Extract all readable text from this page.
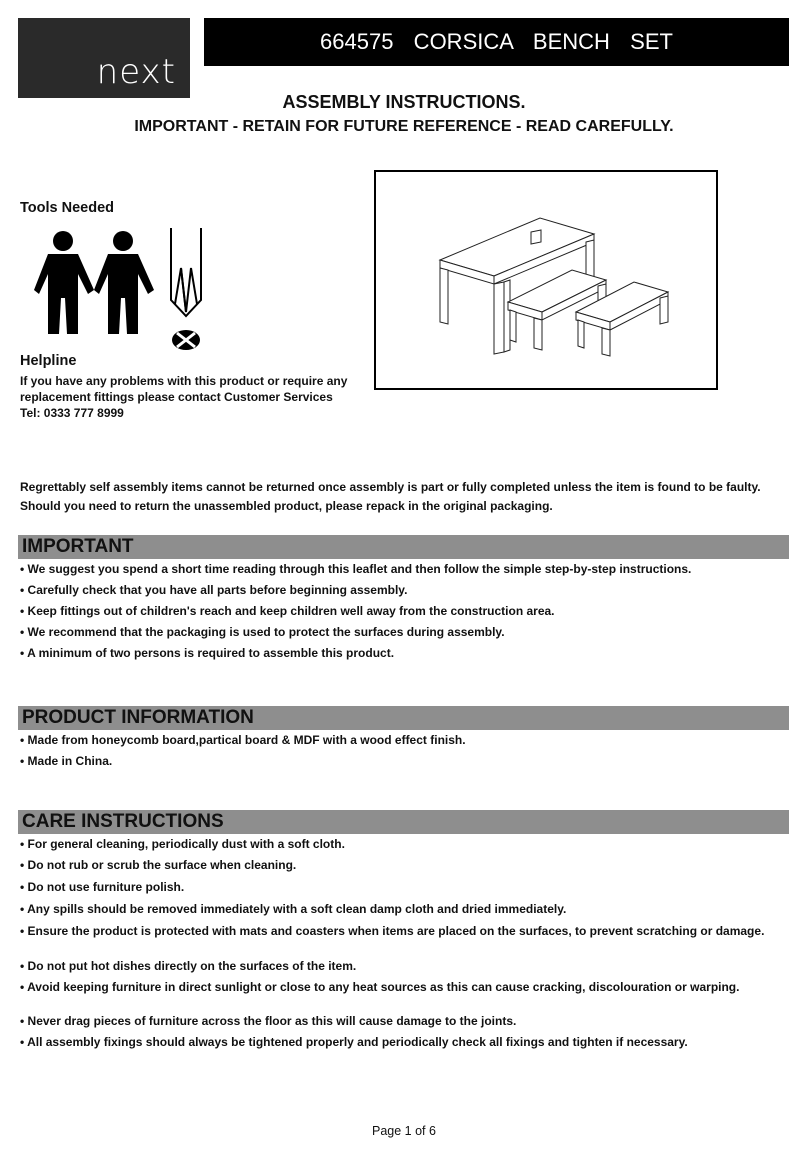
next
664575  CORSICA  BENCH  SET
ASSEMBLY INSTRUCTIONS.
IMPORTANT - RETAIN FOR FUTURE REFERENCE - READ CAREFULLY.
Tools Needed
Helpline
If you have any problems with this product or require any
replacement fittings please contact Customer Services
Tel: 0333 777 8999
Regrettably self assembly items cannot be returned once assembly is part or fully completed unless the item is found to be faulty. Should you need to return the unassembled product, please repack in the original packaging.
IMPORTANT
• We suggest you spend a short time reading through this leaflet and then follow the simple step-by-step instructions.
• Carefully check that you have all parts before beginning assembly.
• Keep fittings out of children's reach and keep children well away from the construction area.
• We recommend that the packaging is used to protect the surfaces during assembly.
• A minimum of two persons is required to assemble this product.
PRODUCT INFORMATION
• Made from honeycomb board,partical board & MDF with a wood effect finish.
• Made in China.
CARE INSTRUCTIONS
• For general cleaning, periodically dust with a soft cloth.
• Do not rub or scrub the surface when cleaning.
• Do not use furniture polish.
• Any spills should be removed immediately with a soft clean damp cloth and dried immediately.
• Ensure the product is protected with mats and coasters when items are placed on the surfaces, to prevent scratching or damage.
• Do not put hot dishes directly on the surfaces of the item.
• Avoid keeping furniture in direct sunlight or close to any heat sources as this can cause cracking, discolouration or warping.
• Never drag pieces of furniture across the floor as this will cause damage to the joints.
• All assembly fixings should always be tightened properly and periodically check all fixings and tighten if necessary.
Page 1 of 6
